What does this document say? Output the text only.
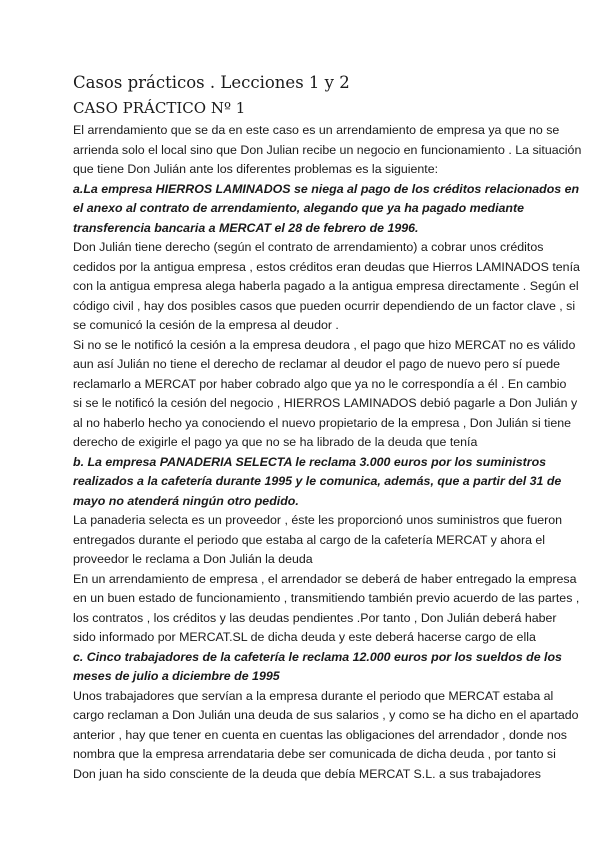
Casos prácticos . Lecciones 1 y 2
CASO PRÁCTICO Nº 1
El arrendamiento que se da en este caso es un arrendamiento de empresa ya que no se
arrienda solo el local sino que Don Julian recibe un negocio en funcionamiento . La situación
que tiene Don Julián ante los diferentes problemas es la siguiente:
a.La empresa HIERROS LAMINADOS se niega al pago de los créditos relacionados en
el anexo al contrato de arrendamiento, alegando que ya ha pagado mediante
transferencia bancaria a MERCAT el 28 de febrero de 1996.
Don Julián tiene derecho (según el contrato de arrendamiento) a cobrar unos créditos
cedidos por la antigua empresa , estos créditos eran deudas que Hierros LAMINADOS tenía
con la antigua empresa alega haberla pagado a la antigua empresa directamente . Según el
código civil , hay dos posibles casos que pueden ocurrir dependiendo de un factor clave , si
se comunicó la cesión de la empresa al deudor .
Si no se le notificó la cesión a la empresa deudora , el pago que hizo MERCAT no es válido
aun así Julián no tiene el derecho de reclamar al deudor el pago de nuevo pero sí puede
reclamarlo a MERCAT por haber cobrado algo que ya no le correspondía a él . En cambio
si se le notificó la cesión del negocio , HIERROS LAMINADOS debió pagarle a Don Julián y
al no haberlo hecho ya conociendo el nuevo propietario de la empresa , Don Julián si tiene
derecho de exigirle el pago ya que no se ha librado de la deuda que tenía
b. La empresa PANADERIA SELECTA le reclama 3.000 euros por los suministros
realizados a la cafetería durante 1995 y le comunica, además, que a partir del 31 de
mayo no atenderá ningún otro pedido.
La panaderia selecta es un proveedor , éste les proporcionó unos suministros que fueron
entregados durante el periodo que estaba al cargo de la cafetería MERCAT y ahora el
proveedor le reclama a Don Julián la deuda
En un arrendamiento de empresa , el arrendador se deberá de haber entregado la empresa
en un buen estado de funcionamiento , transmitiendo también previo acuerdo de las partes ,
los contratos , los créditos y las deudas pendientes .Por tanto , Don Julián deberá haber
sido informado por MERCAT.SL de dicha deuda y este deberá hacerse cargo de ella
c. Cinco trabajadores de la cafetería le reclama 12.000 euros por los sueldos de los
meses de julio a diciembre de 1995
Unos trabajadores que servían a la empresa durante el periodo que MERCAT estaba al
cargo reclaman a Don Julián una deuda de sus salarios , y como se ha dicho en el apartado
anterior , hay que tener en cuenta en cuentas las obligaciones del arrendador , donde nos
nombra que la empresa arrendataria debe ser comunicada de dicha deuda , por tanto si
Don juan ha sido consciente de la deuda que debía MERCAT S.L. a sus trabajadores
